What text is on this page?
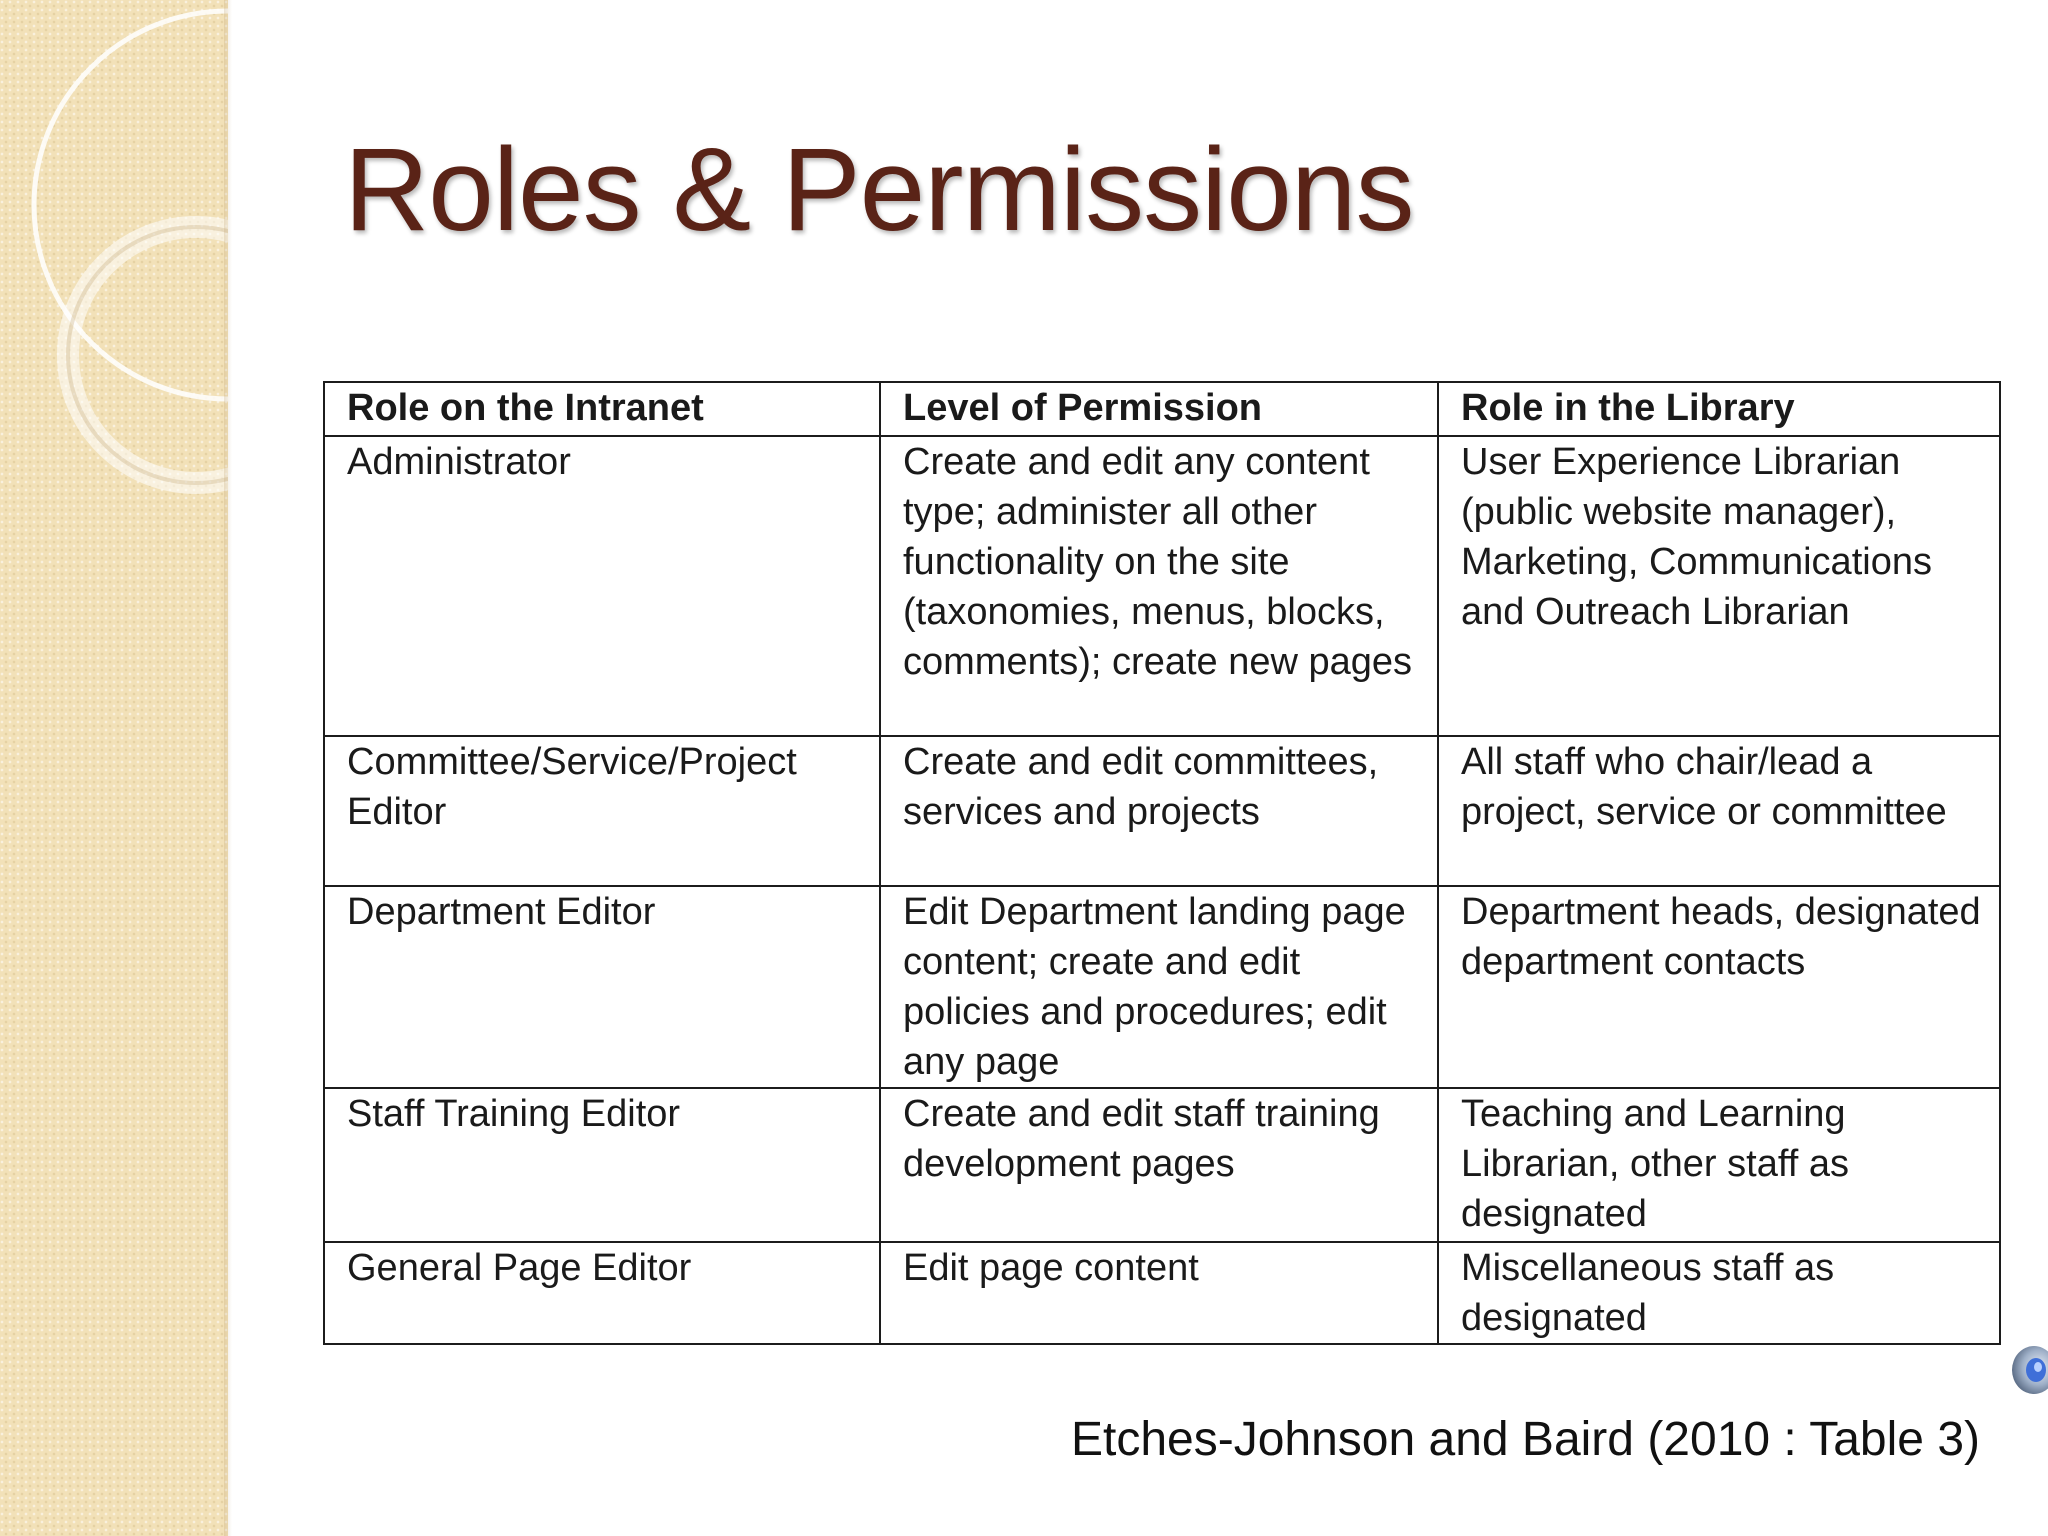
Roles & Permissions
Role on the Intranet	Level of Permission	Role in the Library
Administrator	Create and edit any content type; administer all other functionality on the site (taxonomies, menus, blocks, comments); create new pages	User Experience Librarian (public website manager), Marketing, Communications and Outreach Librarian
Committee/Service/Project Editor	Create and edit committees, services and projects	All staff who chair/lead a project, service or committee
Department Editor	Edit Department landing page content; create and edit policies and procedures; edit any page	Department heads, designated department contacts
Staff Training Editor	Create and edit staff training development pages	Teaching and Learning Librarian, other staff as designated
General Page Editor	Edit page content	Miscellaneous staff as designated

Etches-Johnson and Baird (2010 : Table 3)
